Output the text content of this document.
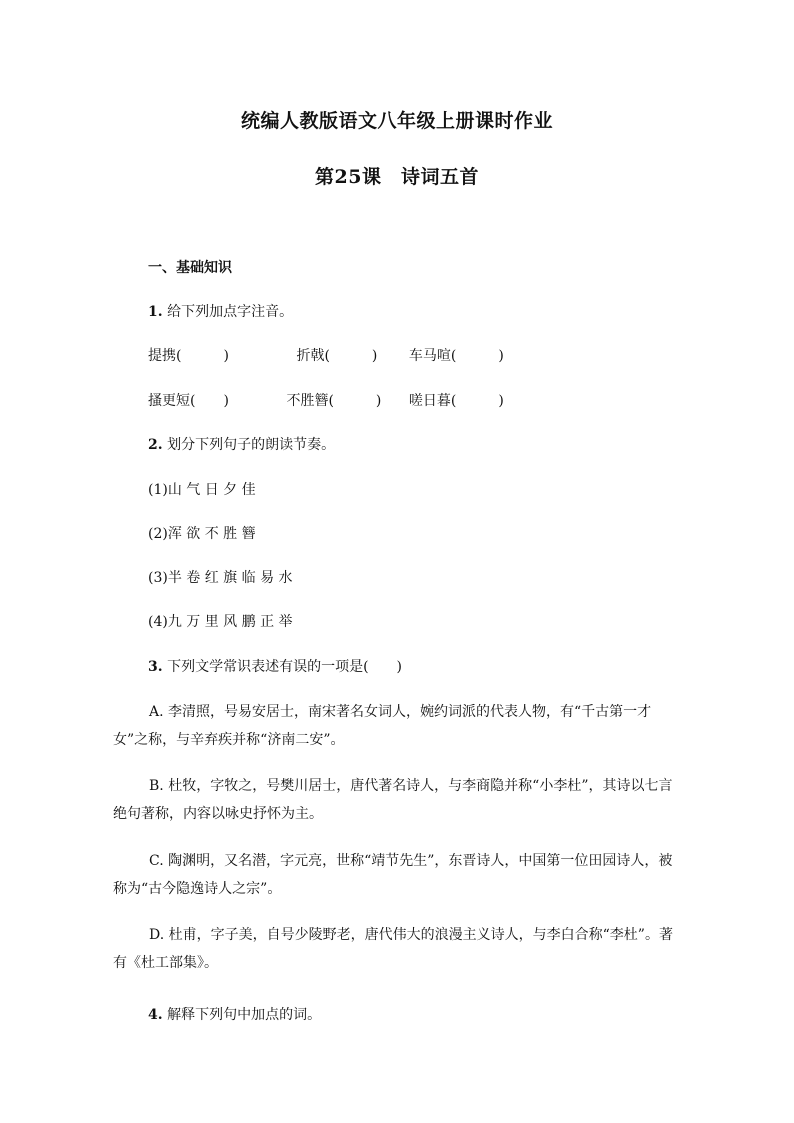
统编人教版语文八年级上册课时作业
第25课　诗词五首
一、基础知识
1. 给下列加点字注音。
提携(　　　)	折戟(　　　) 车马喧(　　　)
搔更短(　　)	不胜簪(　　　) 嗟日暮(　　　)
2. 划分下列句子的朗读节奏。
(1)山 气 日 夕 佳
(2)浑 欲 不 胜 簪
(3)半 卷 红 旗 临 易 水
(4)九 万 里 风 鹏 正 举
3. 下列文学常识表述有误的一项是(　　)
A. 李清照，号易安居士，南宋著名女词人，婉约词派的代表人物，有“千古第一才女”之称，与辛弃疾并称“济南二安”。
B. 杜牧，字牧之，号樊川居士，唐代著名诗人，与李商隐并称“小李杜”，其诗以七言绝句著称，内容以咏史抒怀为主。
C. 陶渊明，又名潜，字元亮，世称“靖节先生”，东晋诗人，中国第一位田园诗人，被称为“古今隐逸诗人之宗”。
D. 杜甫，字子美，自号少陵野老，唐代伟大的浪漫主义诗人，与李白合称“李杜”。著有《杜工部集》。
4. 解释下列句中加点的词。
